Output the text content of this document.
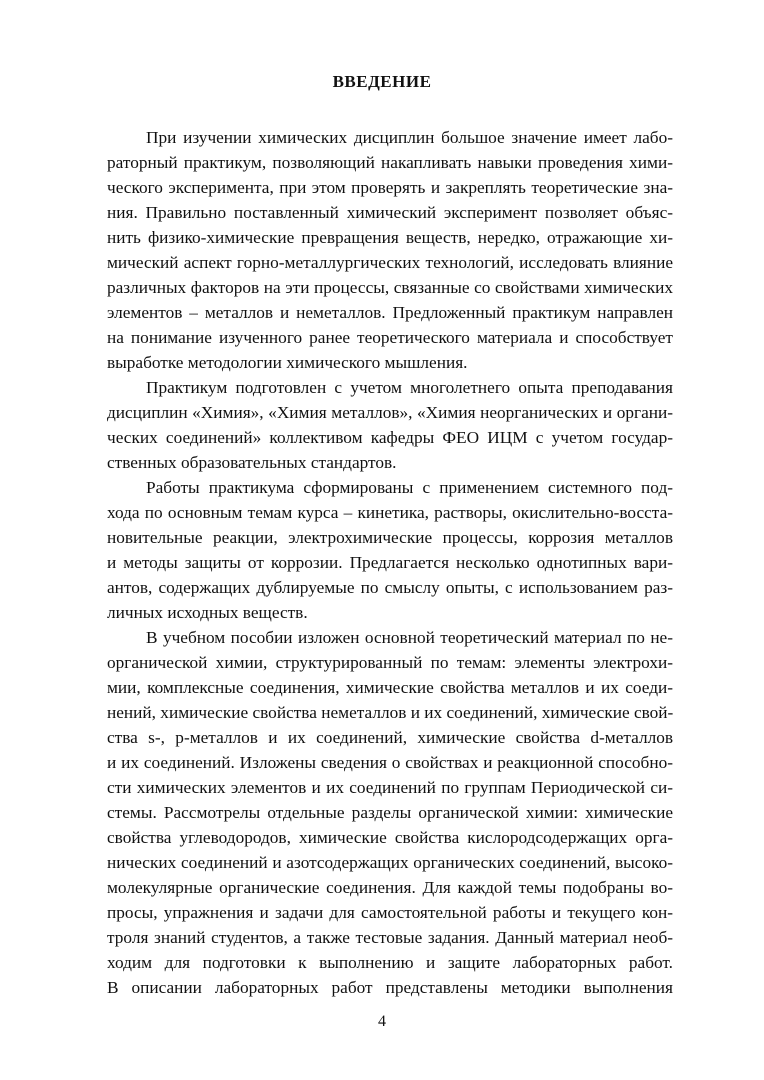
ВВЕДЕНИЕ
При изучении химических дисциплин большое значение имеет лабо-
раторный практикум, позволяющий накапливать навыки проведения хими-
ческого эксперимента, при этом проверять и закреплять теоретические зна-
ния. Правильно поставленный химический эксперимент позволяет объяс-
нить физико-химические превращения веществ, нередко, отражающие хи-
мический аспект горно-металлургических технологий, исследовать влияние
различных факторов на эти процессы, связанные со свойствами химических
элементов – металлов и неметаллов. Предложенный практикум направлен
на понимание изученного ранее теоретического материала и способствует
выработке методологии химического мышления.
Практикум подготовлен с учетом многолетнего опыта преподавания
дисциплин «Химия», «Химия металлов», «Химия неорганических и органи-
ческих соединений» коллективом кафедры ФЕО ИЦМ с учетом государ-
ственных образовательных стандартов.
Работы практикума сформированы с применением системного под-
хода по основным темам курса – кинетика, растворы, окислительно-восста-
новительные реакции, электрохимические процессы, коррозия металлов
и методы защиты от коррозии. Предлагается несколько однотипных вари-
антов, содержащих дублируемые по смыслу опыты, с использованием раз-
личных исходных веществ.
В учебном пособии изложен основной теоретический материал по не-
органической химии, структурированный по темам: элементы электрохи-
мии, комплексные соединения, химические свойства металлов и их соеди-
нений, химические свойства неметаллов и их соединений, химические свой-
ства s-, p-металлов и их соединений, химические свойства d-металлов
и их соединений. Изложены сведения о свойствах и реакционной способно-
сти химических элементов и их соединений по группам Периодической си-
стемы. Рассмотрелы отдельные разделы органической химии: химические
свойства углеводородов, химические свойства кислородсодержащих орга-
нических соединений и азотсодержащих органических соединений, высоко-
молекулярные органические соединения. Для каждой темы подобраны во-
просы, упражнения и задачи для самостоятельной работы и текущего кон-
троля знаний студентов, а также тестовые задания. Данный материал необ-
ходим для подготовки к выполнению и защите лабораторных работ.
В описании лабораторных работ представлены методики выполнения
4
